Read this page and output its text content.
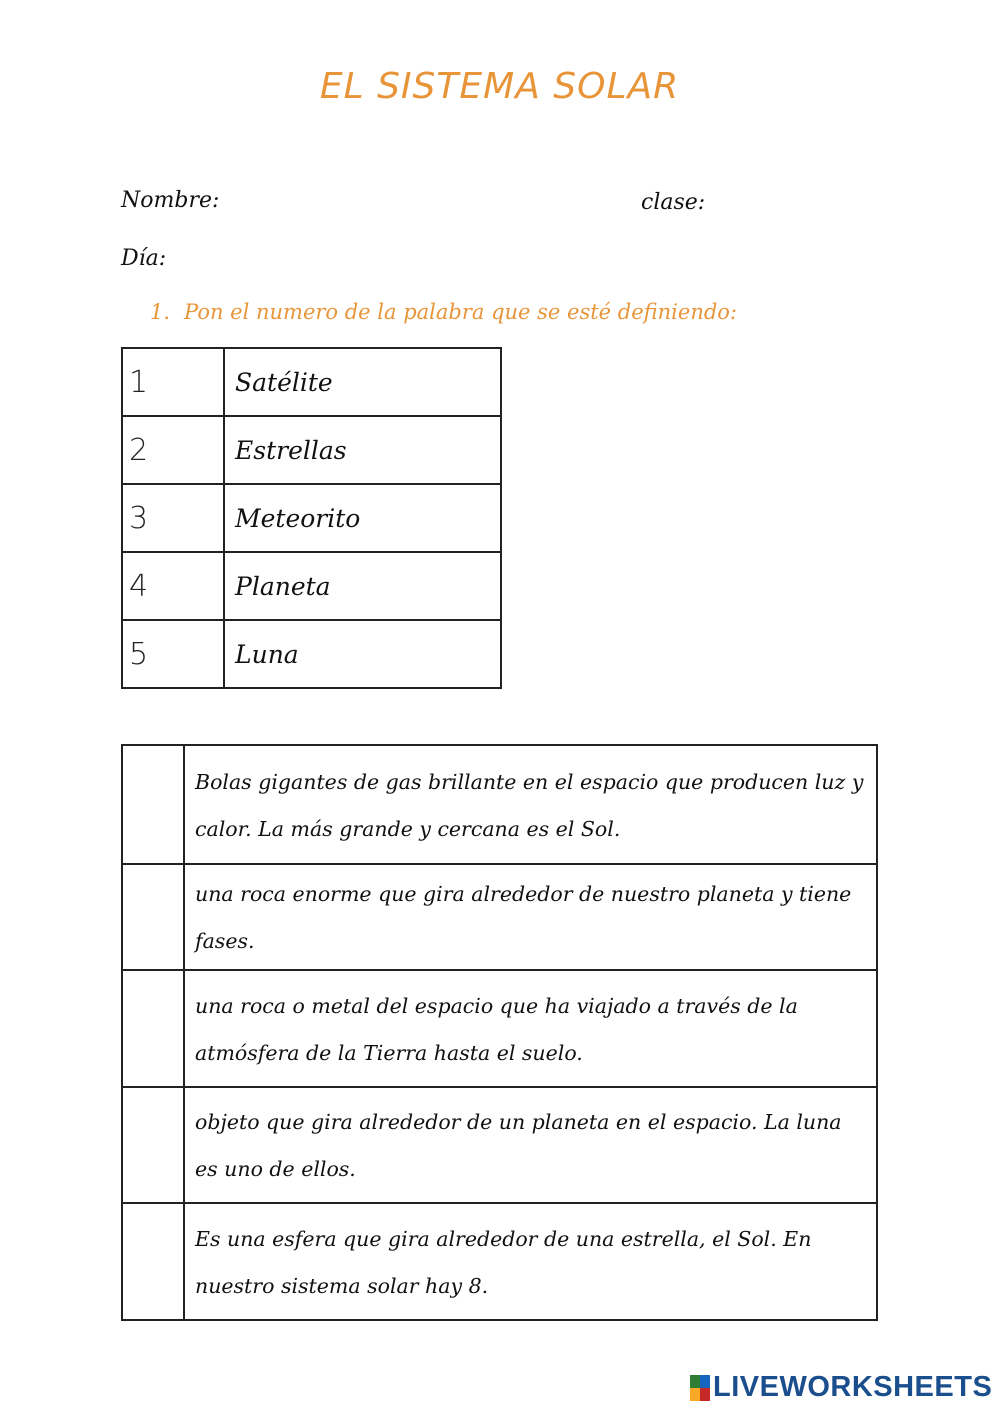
EL SISTEMA SOLAR
Nombre:	clase:
Día:
1. Pon el numero de la palabra que se esté definiendo:
1	Satélite
2	Estrellas
3	Meteorito
4	Planeta
5	Luna
	Bolas gigantes de gas brillante en el espacio que producen luz y calor. La más grande y cercana es el Sol.
	una roca enorme que gira alrededor de nuestro planeta y tiene fases.
	una roca o metal del espacio que ha viajado a través de la atmósfera de la Tierra hasta el suelo.
	objeto que gira alrededor de un planeta en el espacio. La luna es uno de ellos.
	Es una esfera que gira alrededor de una estrella, el Sol. En nuestro sistema solar hay 8.
LIVEWORKSHEETS
